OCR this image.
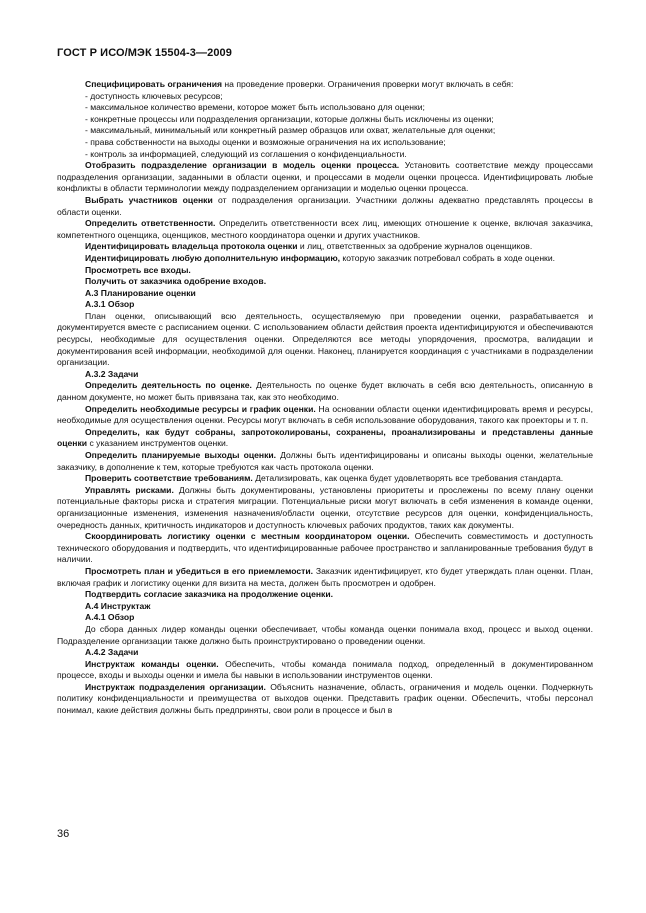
ГОСТ Р ИСО/МЭК 15504-3—2009

Специфицировать ограничения на проведение проверки. Ограничения проверки могут включать в себя:

- доступность ключевых ресурсов;

- максимальное количество времени, которое может быть использовано для оценки;

- конкретные процессы или подразделения организации, которые должны быть исключены из оценки;

- максимальный, минимальный или конкретный размер образцов или охват, желательные для оценки;

- права собственности на выходы оценки и возможные ограничения на их использование;

- контроль за информацией, следующий из соглашения о конфиденциальности.

Отобразить подразделение организации в модель оценки процесса. Установить соответствие между процессами подразделения организации, заданными в области оценки, и процессами в модели оценки процесса. Идентифицировать любые конфликты в области терминологии между подразделением организации и моделью оценки процесса.

Выбрать участников оценки от подразделения организации. Участники должны адекватно представлять процессы в области оценки.

Определить ответственности. Определить ответственности всех лиц, имеющих отношение к оценке, включая заказчика, компетентного оценщика, оценщиков, местного координатора оценки и других участников.

Идентифицировать владельца протокола оценки и лиц, ответственных за одобрение журналов оценщиков.

Идентифицировать любую дополнительную информацию, которую заказчик потребовал собрать в ходе оценки.

Просмотреть все входы.

Получить от заказчика одобрение входов.

А.3 Планирование оценки

А.3.1 Обзор

План оценки, описывающий всю деятельность, осуществляемую при проведении оценки, разрабатывается и документируется вместе с расписанием оценки. С использованием области действия проекта идентифицируются и обеспечиваются ресурсы, необходимые для осуществления оценки. Определяются все методы упорядочения, просмотра, валидации и документирования всей информации, необходимой для оценки. Наконец, планируется координация с участниками в подразделении организации.

А.3.2 Задачи

Определить деятельность по оценке. Деятельность по оценке будет включать в себя всю деятельность, описанную в данном документе, но может быть привязана так, как это необходимо.

Определить необходимые ресурсы и график оценки. На основании области оценки идентифицировать время и ресурсы, необходимые для осуществления оценки. Ресурсы могут включать в себя использование оборудования, такого как проекторы и т. п.

Определить, как будут собраны, запротоколированы, сохранены, проанализированы и представлены данные оценки с указанием инструментов оценки.

Определить планируемые выходы оценки. Должны быть идентифицированы и описаны выходы оценки, желательные заказчику, в дополнение к тем, которые требуются как часть протокола оценки.

Проверить соответствие требованиям. Детализировать, как оценка будет удовлетворять все требования стандарта.

Управлять рисками. Должны быть документированы, установлены приоритеты и прослежены по всему плану оценки потенциальные факторы риска и стратегия миграции. Потенциальные риски могут включать в себя изменения в команде оценки, организационные изменения, изменения назначения/области оценки, отсутствие ресурсов для оценки, конфиденциальность, очередность данных, критичность индикаторов и доступность ключевых рабочих продуктов, таких как документы.

Скоординировать логистику оценки с местным координатором оценки. Обеспечить совместимость и доступность технического оборудования и подтвердить, что идентифицированные рабочее пространство и запланированные требования будут в наличии.

Просмотреть план и убедиться в его приемлемости. Заказчик идентифицирует, кто будет утверждать план оценки. План, включая график и логистику оценки для визита на места, должен быть просмотрен и одобрен.

Подтвердить согласие заказчика на продолжение оценки.

А.4 Инструктаж

А.4.1 Обзор

До сбора данных лидер команды оценки обеспечивает, чтобы команда оценки понимала вход, процесс и выход оценки. Подразделение организации также должно быть проинструктировано о проведении оценки.

А.4.2 Задачи

Инструктаж команды оценки. Обеспечить, чтобы команда понимала подход, определенный в документированном процессе, входы и выходы оценки и имела бы навыки в использовании инструментов оценки.

Инструктаж подразделения организации. Объяснить назначение, область, ограничения и модель оценки. Подчеркнуть политику конфиденциальности и преимущества от выходов оценки. Представить график оценки. Обеспечить, чтобы персонал понимал, какие действия должны быть предприняты, свои роли в процессе и был в

36
